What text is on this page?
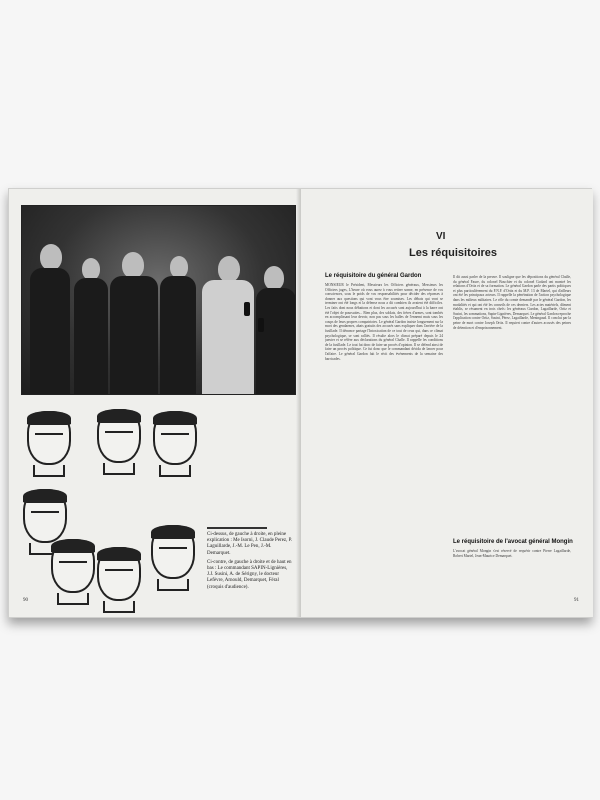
Ci-dessus, de gauche à droite, en pleine explication : Me Isorni, J. Claude Perez, P. Laguillarde, J.-M. Le Pen, J.-M. Demarquet.

Ci-contre, de gauche à droite et de haut en bas : Le commandant SAPIN-Lignières, J.J. Susini, A. de Sérigny, le docteur Lefèvre, Arnould, Demarquet, Féral (croquis d'audience).

90
VI
Les réquisitoires
Le réquisitoire du général Gardon
MONSIEUR le Président, Messieurs les Officiers généraux, Messieurs les Officiers juges, L'heure où vous aurez à vous retirer sonne, en présence de vos consciences, sous le poids de vos responsabilités pour décider des réponses à donner aux questions qui vont vous être soumises. Les débats qui vont se terminer ont été longs et la défense nous a dit combien ils avaient été difficiles. Les faits dont nous débattons et dont les accusés sont aujourd'hui à la barre ont été l'objet de poursuites... Bien plus, des soldats, des frères d'armes, sont tombés en accomplissant leur devoir, non pas sous les balles de l'ennemi mais sous les coups de leurs propres compatriotes. Le général Gardon insiste longuement sur la mort des gendarmes, abats gratuits des accusés sans expliquer dans l'arrière de la fusillade. Il dénonce partage l'Intoxication de ce tout de ceux qui, dans ce climat psychologique, se sont ralliés. Il résulte alors le climat préparé depuis le 24 janvier et se réfère aux déclarations du général Challe. Il rappelle les conditions de la fusillade. Le tout fut donc de faire un procès d'opinion. Il se défend ainsi de faire un procès politique. Ce fut donc que le commandant décida de lancer pour l'affaire. Le général Gardon fait le récit des événements de la semaine des barricades.
Il dit aussi parler de la preuve. Il souligne que les dépositions du général Challe, du général Faure, du colonel Bouchier et du colonel Godard ont montré les relations d'Ortiz et de sa formation. Le général Gardon parle des partis politiques et plus particulièrement du F.N.F. d'Ortiz et du M.P. 13 de Martel, qui d'ailleurs ont été les principaux acteurs. Il rappelle la pénétration de l'action psychologique dans les milieux militaires. Le rôle du comte demandé par le général Gardon, les modalités et qui ont été les conseils de ces derniers. Les actes matériels, dûment établis, se résument en trois chefs: les généraux Gardon, Lagaillarde, Ortiz et Susini, les sommations, Sapin-Lignières, Demarquet. Le général Gardon reproche l'application contre Ortiz, Susini, Pérez, Lagaillarde, Meningaud. Il conclut par la peine de mort contre Joseph Ortiz. Il requiert contre d'autres accusés des peines de détention et d'emprisonnement.
Le réquisitoire de l'avocat général Mongin
L'avocat général Mongin s'est réservé de requérir contre Pierre Lagaillarde, Robert Martel, Jean-Maurice Demarquet.
91
